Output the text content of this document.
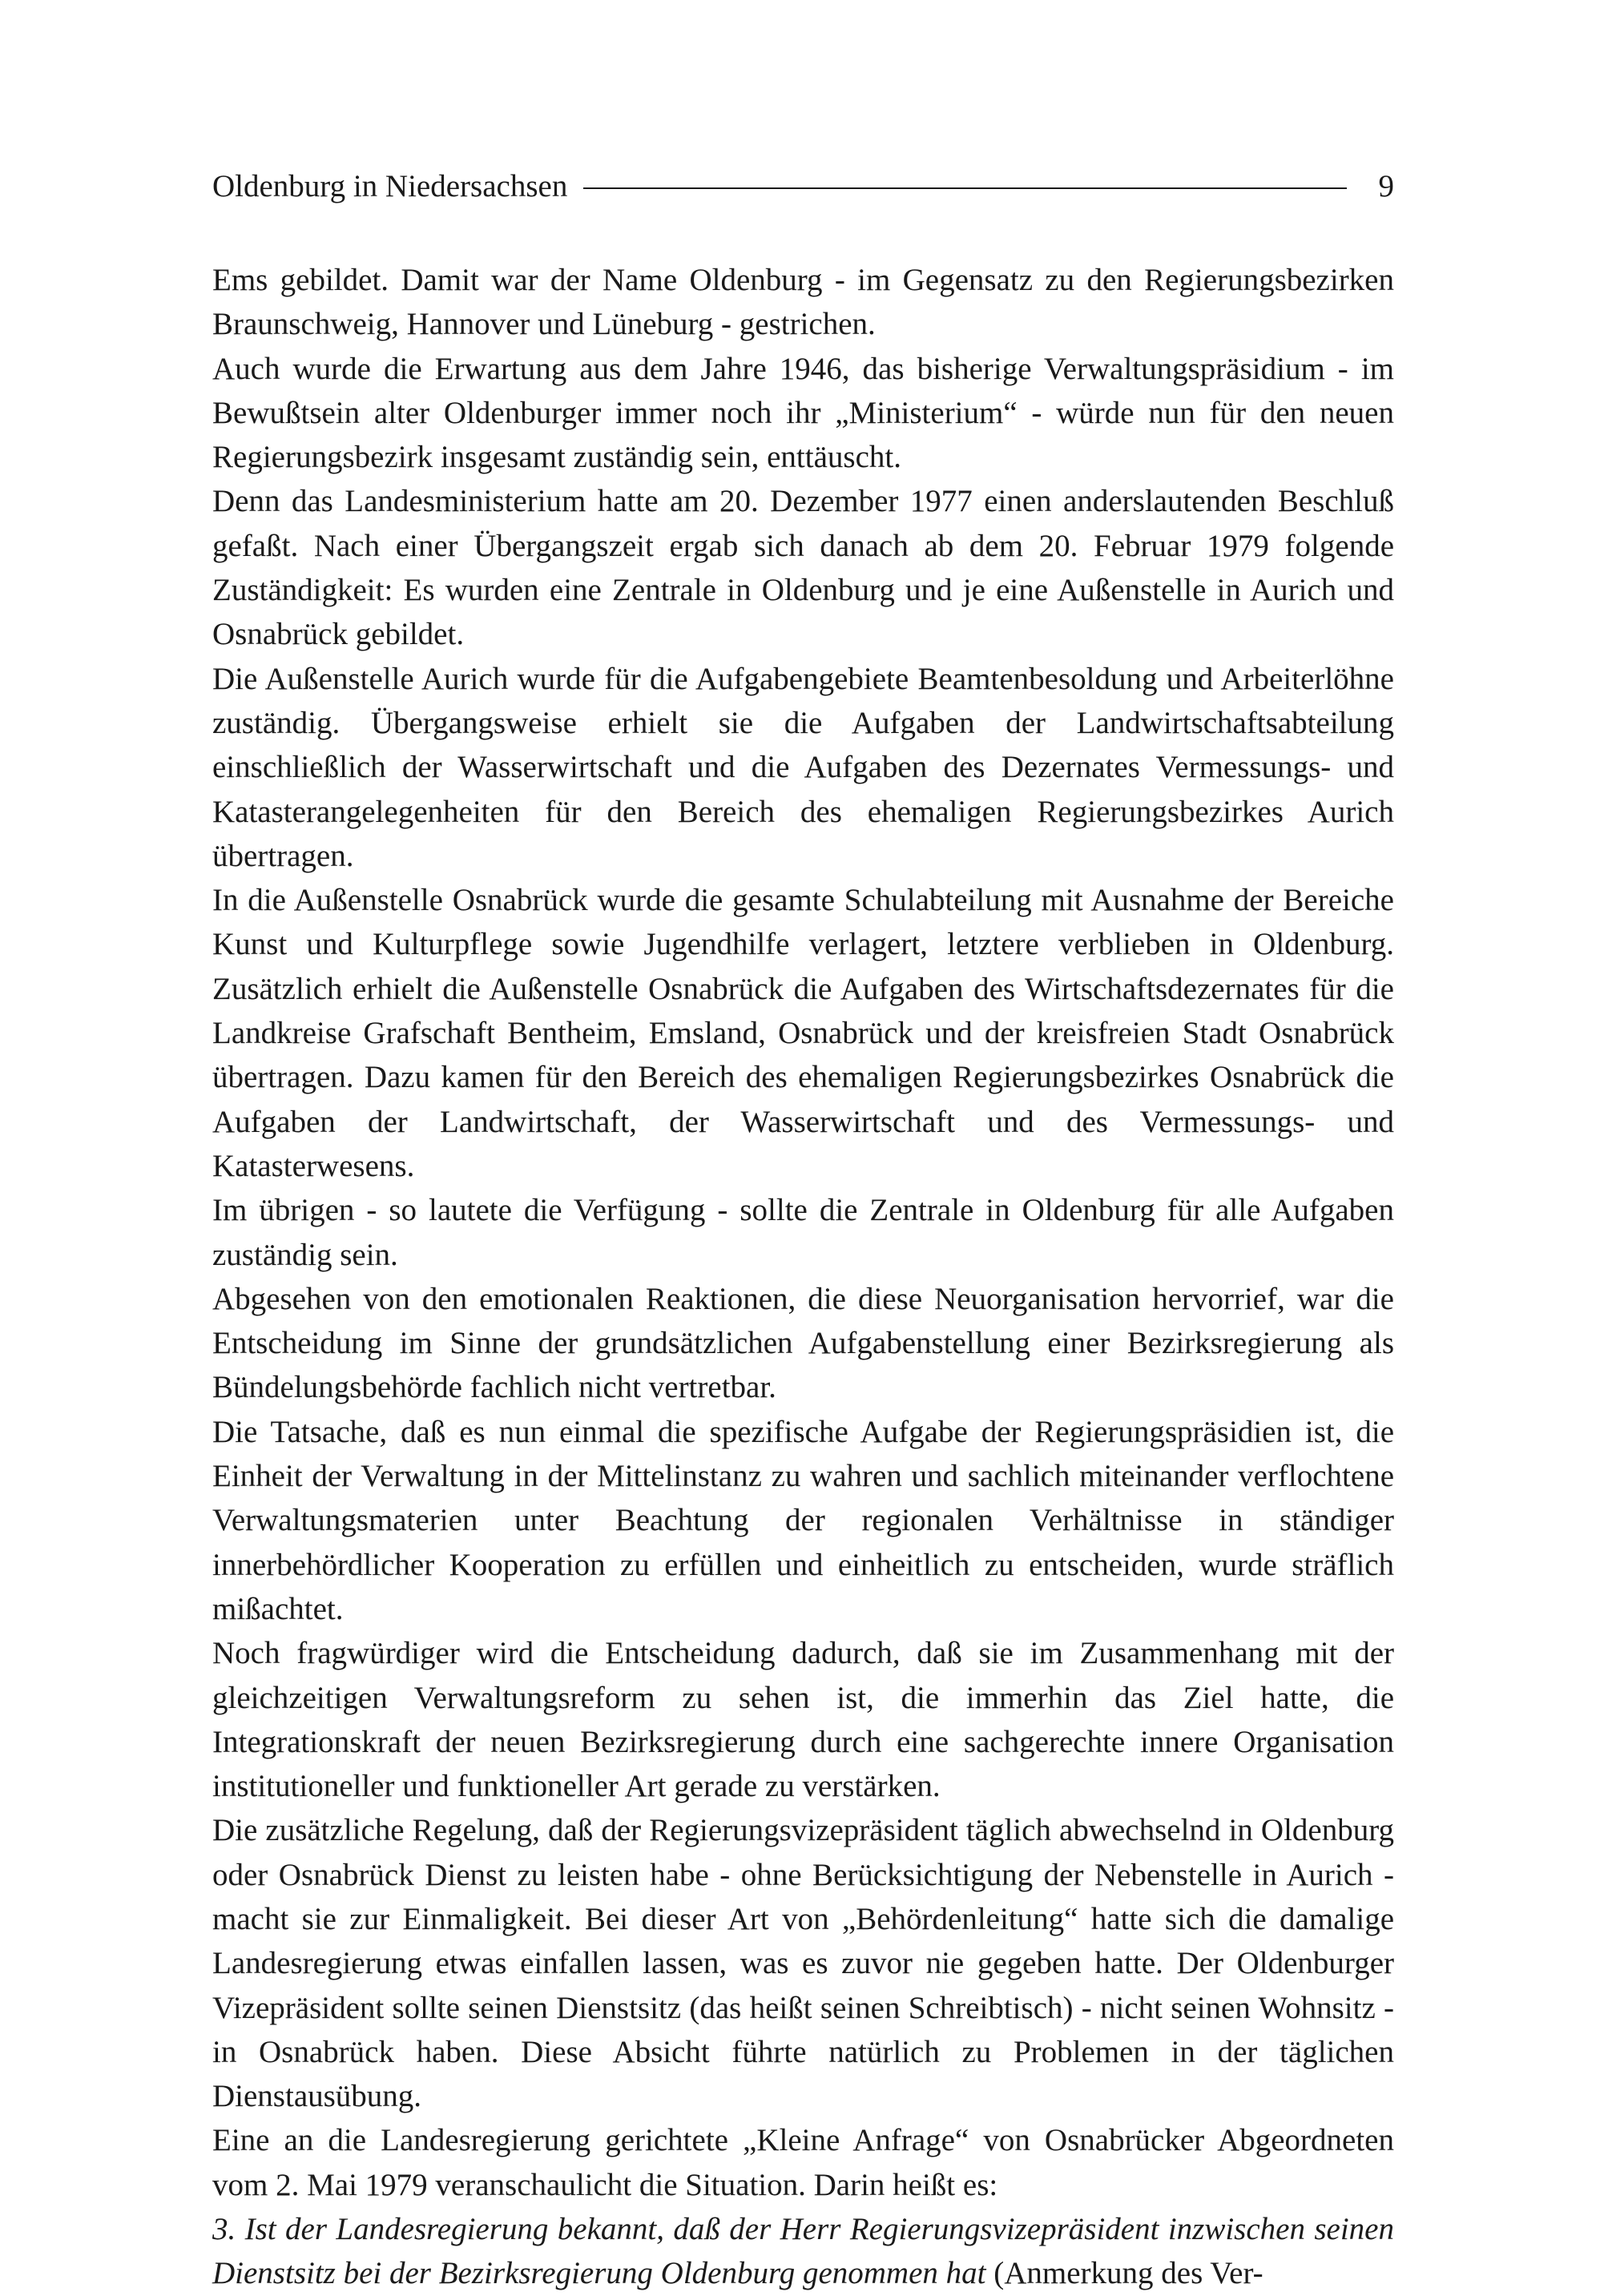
Oldenburg in Niedersachsen	9

Ems gebildet. Damit war der Name Oldenburg - im Gegensatz zu den Regierungsbezirken Braunschweig, Hannover und Lüneburg - gestrichen.

Auch wurde die Erwartung aus dem Jahre 1946, das bisherige Verwaltungspräsidium - im Bewußtsein alter Oldenburger immer noch ihr „Ministerium“ - würde nun für den neuen Regierungsbezirk insgesamt zuständig sein, enttäuscht.

Denn das Landesministerium hatte am 20. Dezember 1977 einen anderslautenden Beschluß gefaßt. Nach einer Übergangszeit ergab sich danach ab dem 20. Februar 1979 folgende Zuständigkeit: Es wurden eine Zentrale in Oldenburg und je eine Außenstelle in Aurich und Osnabrück gebildet.

Die Außenstelle Aurich wurde für die Aufgabengebiete Beamtenbesoldung und Arbeiterlöhne zuständig. Übergangsweise erhielt sie die Aufgaben der Landwirtschaftsabteilung einschließlich der Wasserwirtschaft und die Aufgaben des Dezernates Vermessungs- und Katasterangelegenheiten für den Bereich des ehemaligen Regierungsbezirkes Aurich übertragen.

In die Außenstelle Osnabrück wurde die gesamte Schulabteilung mit Ausnahme der Bereiche Kunst und Kulturpflege sowie Jugendhilfe verlagert, letztere verblieben in Oldenburg. Zusätzlich erhielt die Außenstelle Osnabrück die Aufgaben des Wirtschaftsdezernates für die Landkreise Grafschaft Bentheim, Emsland, Osnabrück und der kreisfreien Stadt Osnabrück übertragen. Dazu kamen für den Bereich des ehemaligen Regierungsbezirkes Osnabrück die Aufgaben der Landwirtschaft, der Wasserwirtschaft und des Vermessungs- und Katasterwesens.

Im übrigen - so lautete die Verfügung - sollte die Zentrale in Oldenburg für alle Aufgaben zuständig sein.

Abgesehen von den emotionalen Reaktionen, die diese Neuorganisation hervorrief, war die Entscheidung im Sinne der grundsätzlichen Aufgabenstellung einer Bezirksregierung als Bündelungsbehörde fachlich nicht vertretbar.

Die Tatsache, daß es nun einmal die spezifische Aufgabe der Regierungspräsidien ist, die Einheit der Verwaltung in der Mittelinstanz zu wahren und sachlich miteinander verflochtene Verwaltungsmaterien unter Beachtung der regionalen Verhältnisse in ständiger innerbehördlicher Kooperation zu erfüllen und einheitlich zu entscheiden, wurde sträflich mißachtet.

Noch fragwürdiger wird die Entscheidung dadurch, daß sie im Zusammenhang mit der gleichzeitigen Verwaltungsreform zu sehen ist, die immerhin das Ziel hatte, die Integrationskraft der neuen Bezirksregierung durch eine sachgerechte innere Organisation institutioneller und funktioneller Art gerade zu verstärken.

Die zusätzliche Regelung, daß der Regierungsvizepräsident täglich abwechselnd in Oldenburg oder Osnabrück Dienst zu leisten habe - ohne Berücksichtigung der Nebenstelle in Aurich - macht sie zur Einmaligkeit. Bei dieser Art von „Behördenleitung“ hatte sich die damalige Landesregierung etwas einfallen lassen, was es zuvor nie gegeben hatte. Der Oldenburger Vizepräsident sollte seinen Dienstsitz (das heißt seinen Schreibtisch) - nicht seinen Wohnsitz - in Osnabrück haben. Diese Absicht führte natürlich zu Problemen in der täglichen Dienstausübung.

Eine an die Landesregierung gerichtete „Kleine Anfrage“ von Osnabrücker Abgeordneten vom 2. Mai 1979 veranschaulicht die Situation. Darin heißt es:

3. Ist der Landesregierung bekannt, daß der Herr Regierungsvizepräsident inzwischen seinen Dienstsitz bei der Bezirksregierung Oldenburg genommen hat (Anmerkung des Ver-
